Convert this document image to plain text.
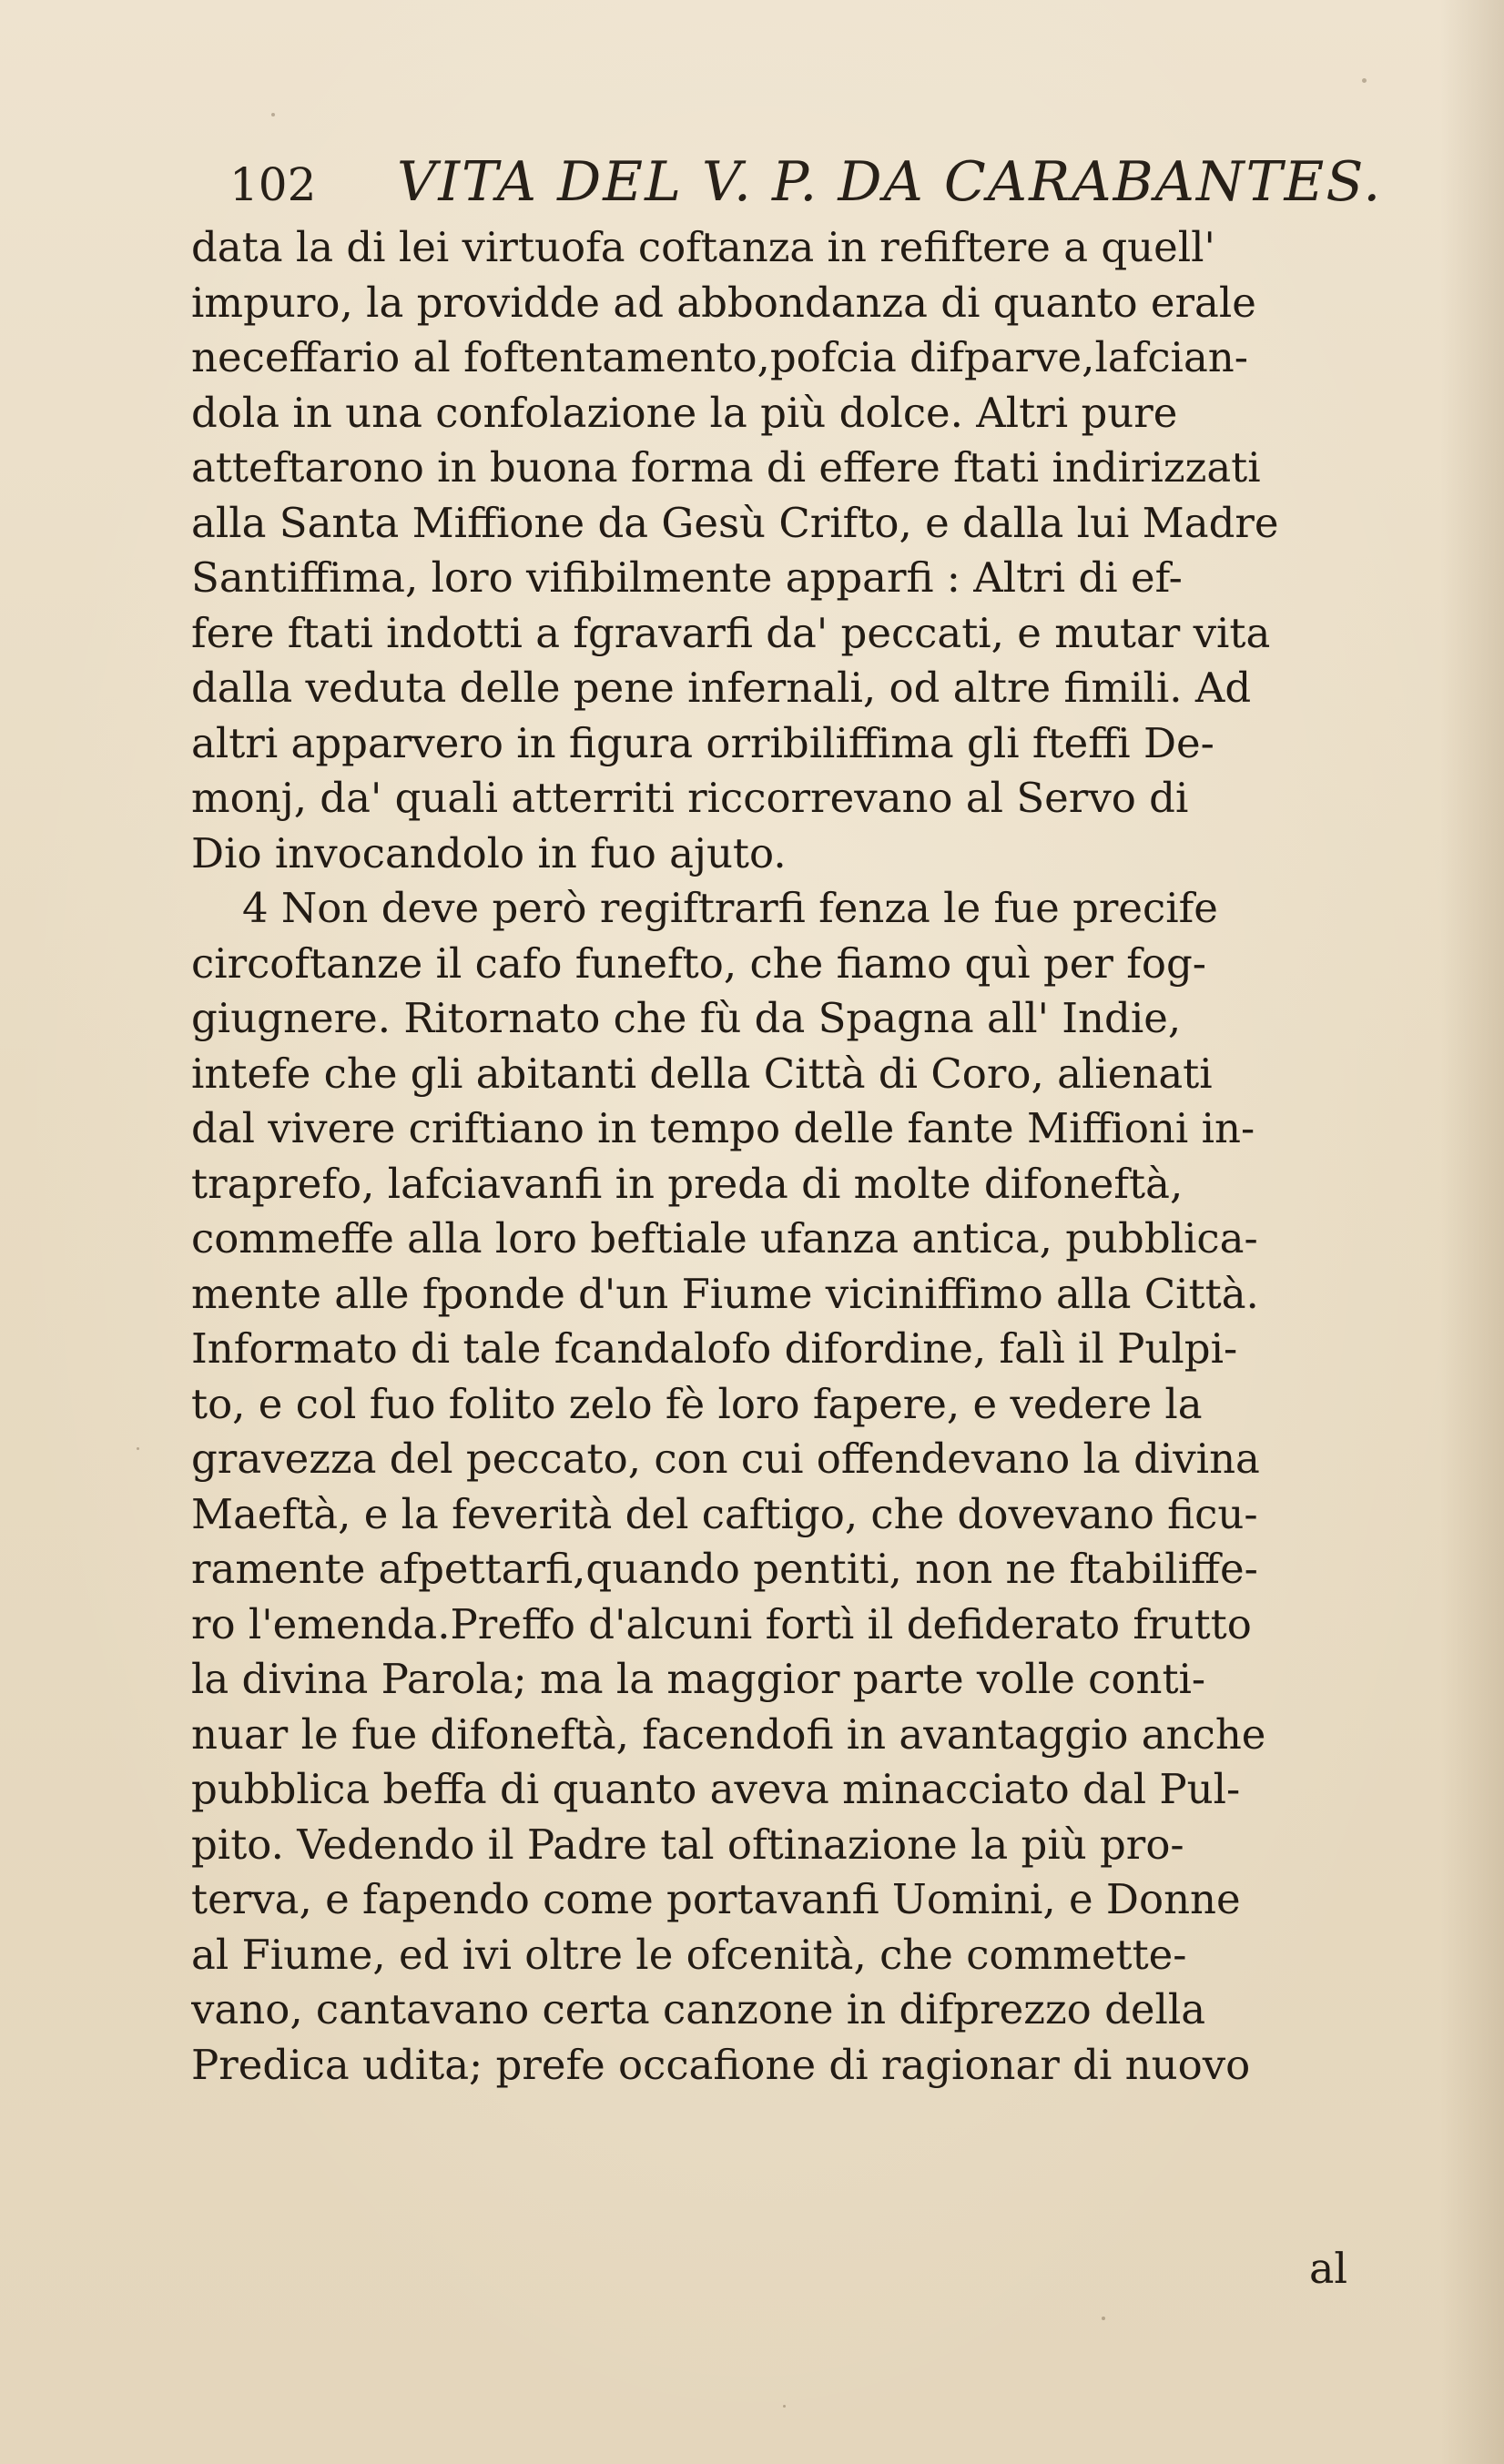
102 VITA DEL V. P. DA CARABANTES.
data la di lei virtuofa coftanza in refiftere a quell'
impuro, la providde ad abbondanza di quanto erale
neceffario al foftentamento,pofcia difparve,lafcian-
dola in una confolazione la più dolce. Altri pure
atteftarono in buona forma di effere ftati indirizzati
alla Santa Miffione da Gesù Crifto, e dalla lui Madre
Santiffima, loro vifibilmente apparfi : Altri di ef-
fere ftati indotti a fgravarfi da' peccati, e mutar vita
dalla veduta delle pene infernali, od altre fimili. Ad
altri apparvero in figura orribiliffima gli fteffi De-
monj, da' quali atterriti riccorrevano al Servo di
Dio invocandolo in fuo ajuto.
4 Non deve però regiftrarfi fenza le fue precife
circoftanze il cafo funefto, che fiamo quì per fog-
giugnere. Ritornato che fù da Spagna all' Indie,
intefe che gli abitanti della Città di Coro, alienati
dal vivere criftiano in tempo delle fante Miffioni in-
traprefo, lafciavanfi in preda di molte difoneftà,
commeffe alla loro beftiale ufanza antica, pubblica-
mente alle fponde d'un Fiume viciniffimo alla Città.
Informato di tale fcandalofo difordine, falì il Pulpi-
to, e col fuo folito zelo fè loro fapere, e vedere la
gravezza del peccato, con cui offendevano la divina
Maeftà, e la feverità del caftigo, che dovevano ficu-
ramente afpettarfi,quando pentiti, non ne ftabiliffe-
ro l'emenda.Preffo d'alcuni fortì il defiderato frutto
la divina Parola; ma la maggior parte volle conti-
nuar le fue difoneftà, facendofi in avantaggio anche
pubblica beffa di quanto aveva minacciato dal Pul-
pito. Vedendo il Padre tal oftinazione la più pro-
terva, e fapendo come portavanfi Uomini, e Donne
al Fiume, ed ivi oltre le ofcenità, che commette-
vano, cantavano certa canzone in difprezzo della
Predica udita; prefe occafione di ragionar di nuovo
al
